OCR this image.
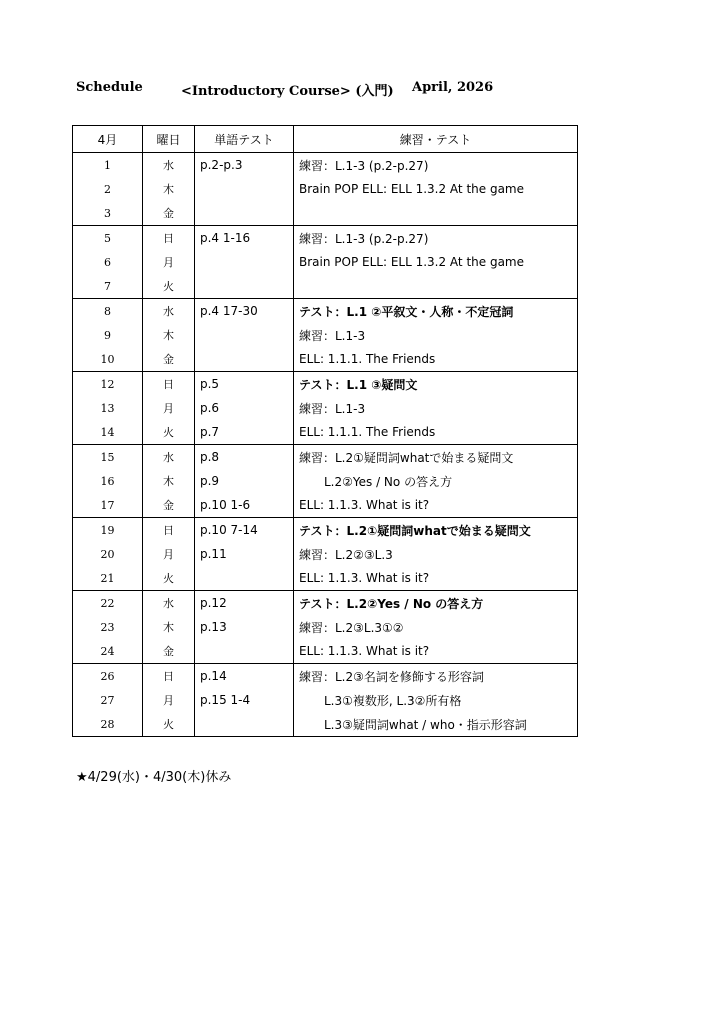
Schedule	<Introductory Course> (入門) April, 2026
4月	曜日	単語テスト	練習・テスト
1	水	p.2-p.3	練習：L.1-3 (p.2-p.27)
2	木		Brain POP ELL: ELL 1.3.2 At the game
3	金		
5	日	p.4 1-16	練習：L.1-3 (p.2-p.27)
6	月		Brain POP ELL: ELL 1.3.2 At the game
7	火		
8	水	p.4 17-30	テスト：L.1 ②平叙文・人称・不定冠詞
9	木		練習：L.1-3
10	金		ELL: 1.1.1. The Friends
12	日	p.5	テスト：L.1 ③疑問文
13	月	p.6	練習：L.1-3
14	火	p.7	ELL: 1.1.1. The Friends
15	水	p.8	練習：L.2①疑問詞whatで始まる疑問文
16	木	p.9	L.2②Yes / No の答え方
17	金	p.10 1-6	ELL: 1.1.3. What is it?
19	日	p.10 7-14	テスト：L.2①疑問詞whatで始まる疑問文
20	月	p.11	練習：L.2②③L.3
21	火		ELL: 1.1.3. What is it?
22	水	p.12	テスト：L.2②Yes / No の答え方
23	木	p.13	練習：L.2③L.3①②
24	金		ELL: 1.1.3. What is it?
26	日	p.14	練習：L.2③名詞を修飾する形容詞
27	月	p.15 1-4	L.3①複数形, L.3②所有格
28	火		L.3③疑問詞what / who・指示形容詞
★4/29(水)・4/30(木)休み
